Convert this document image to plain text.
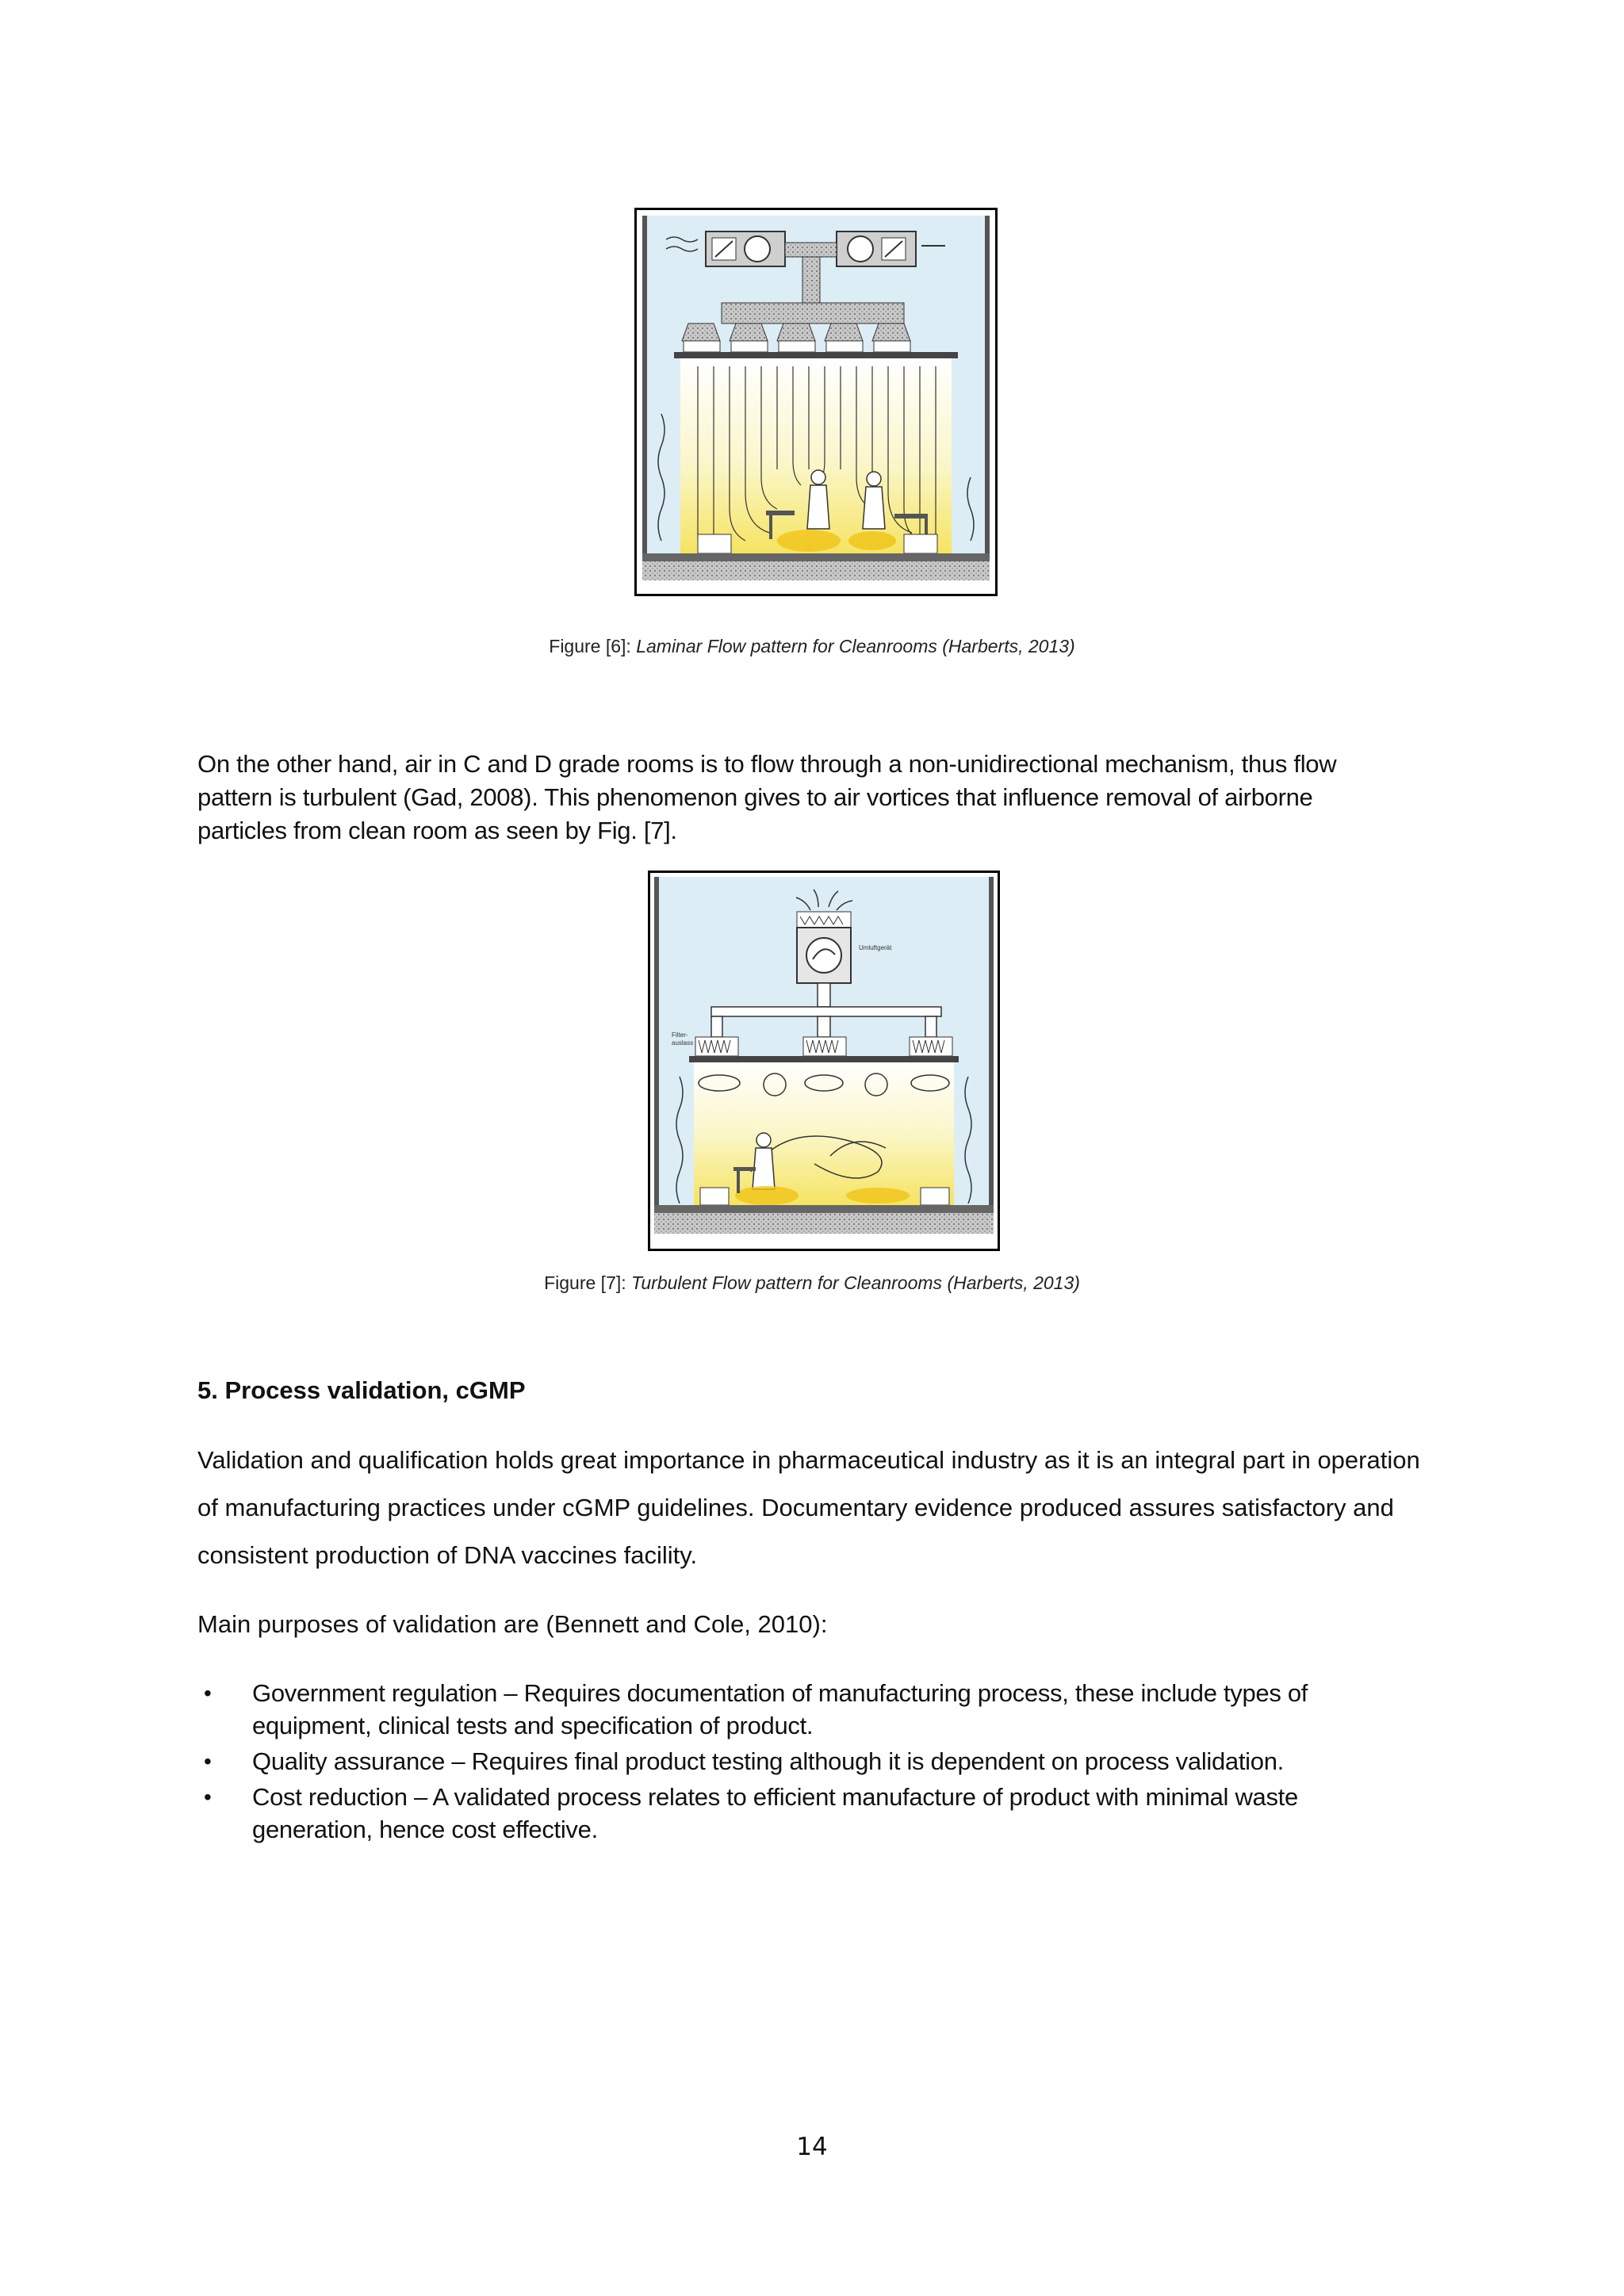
Figure [6]: Laminar Flow pattern for Cleanrooms (Harberts, 2013)
On the other hand, air in C and D grade rooms is to flow through a non-unidirectional mechanism, thus flow pattern is turbulent (Gad, 2008). This phenomenon gives to air vortices that influence removal of airborne particles from clean room as seen by Fig. [7].
Umluftgerät
Filter-
auslass
Figure [7]: Turbulent Flow pattern for Cleanrooms (Harberts, 2013)
5. Process validation, cGMP
Validation and qualification holds great importance in pharmaceutical industry as it is an integral part in operation of manufacturing practices under cGMP guidelines. Documentary evidence produced assures satisfactory and consistent production of DNA vaccines facility.
Main purposes of validation are (Bennett and Cole, 2010):
• Government regulation – Requires documentation of manufacturing process, these include types of equipment, clinical tests and specification of product.
• Quality assurance – Requires final product testing although it is dependent on process validation.
• Cost reduction – A validated process relates to efficient manufacture of product with minimal waste generation, hence cost effective.
14
